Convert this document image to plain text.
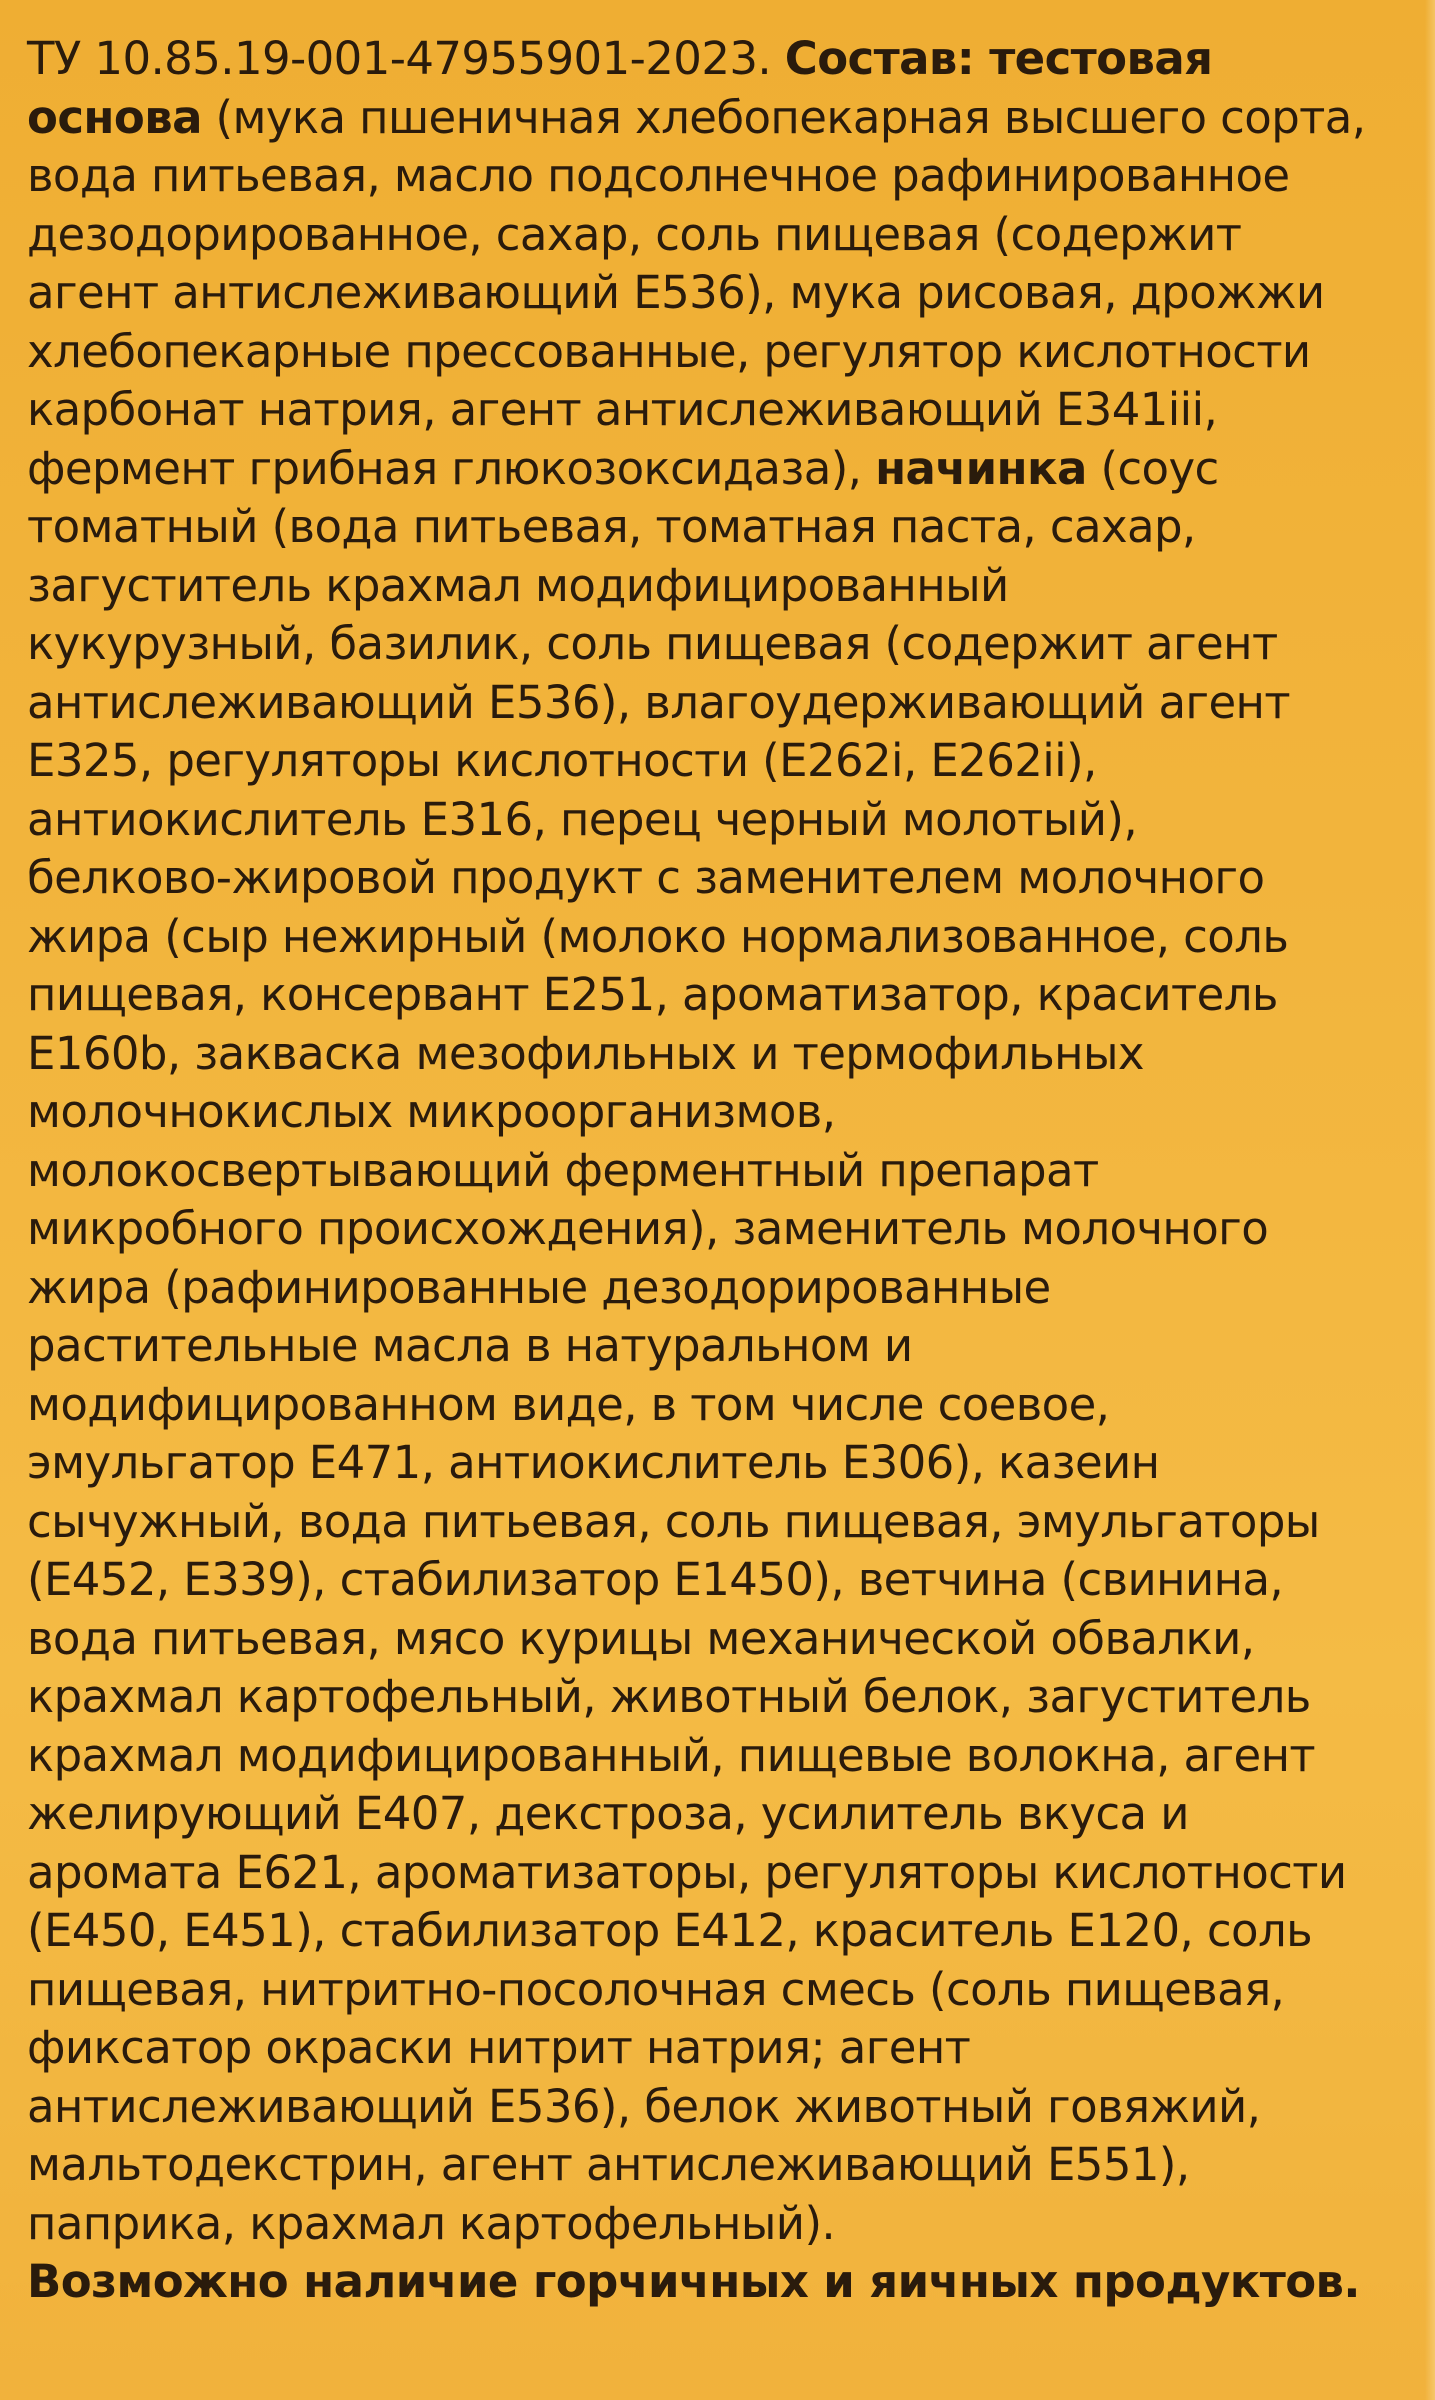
ТУ 10.85.19-001-47955901-2023. Состав: тестовая
основа (мука пшеничная хлебопекарная высшего сорта,
вода питьевая, масло подсолнечное рафинированное
дезодорированное, сахар, соль пищевая (содержит
агент антислеживающий Е536), мука рисовая, дрожжи
хлебопекарные прессованные, регулятор кислотности
карбонат натрия, агент антислеживающий Е341iii,
фермент грибная глюкозоксидаза), начинка (соус
томатный (вода питьевая, томатная паста, сахар,
загуститель крахмал модифицированный
кукурузный, базилик, соль пищевая (содержит агент
антислеживающий Е536), влагоудерживающий агент
Е325, регуляторы кислотности (Е262i, Е262ii),
антиокислитель Е316, перец черный молотый),
белково-жировой продукт с заменителем молочного
жира (сыр нежирный (молоко нормализованное, соль
пищевая, консервант Е251, ароматизатор, краситель
Е160b, закваска мезофильных и термофильных
молочнокислых микроорганизмов,
молокосвертывающий ферментный препарат
микробного происхождения), заменитель молочного
жира (рафинированные дезодорированные
растительные масла в натуральном и
модифицированном виде, в том числе соевое,
эмульгатор Е471, антиокислитель Е306), казеин
сычужный, вода питьевая, соль пищевая, эмульгаторы
(Е452, Е339), стабилизатор Е1450), ветчина (свинина,
вода питьевая, мясо курицы механической обвалки,
крахмал картофельный, животный белок, загуститель
крахмал модифицированный, пищевые волокна, агент
желирующий Е407, декстроза, усилитель вкуса и
аромата Е621, ароматизаторы, регуляторы кислотности
(Е450, Е451), стабилизатор Е412, краситель Е120, соль
пищевая, нитритно-посолочная смесь (соль пищевая,
фиксатор окраски нитрит натрия; агент
антислеживающий Е536), белок животный говяжий,
мальтодекстрин, агент антислеживающий Е551),
паприка, крахмал картофельный).
Возможно наличие горчичных и яичных продуктов.
